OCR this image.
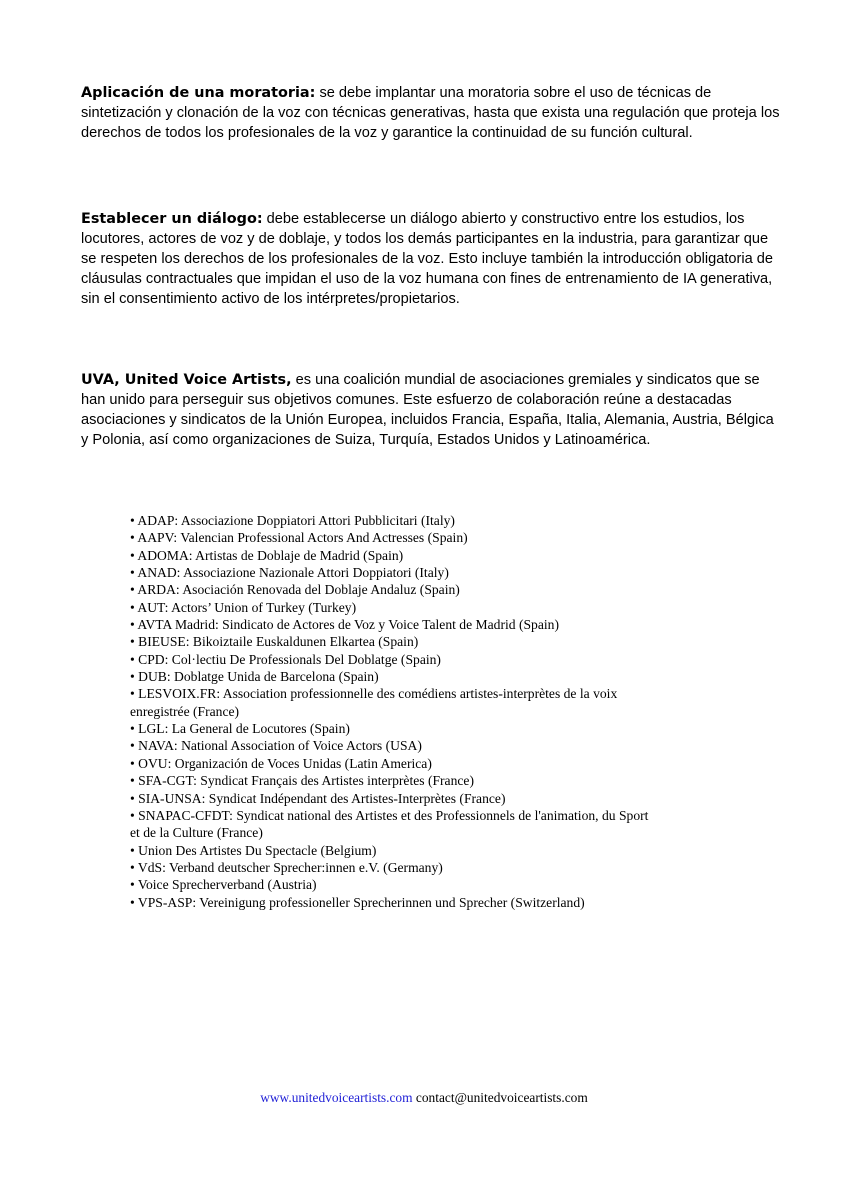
Aplicación de una moratoria: se debe implantar una moratoria sobre el uso de técnicas de sintetización y clonación de la voz con técnicas generativas, hasta que exista una regulación que proteja los derechos de todos los profesionales de la voz y garantice la continuidad de su función cultural.

Establecer un diálogo: debe establecerse un diálogo abierto y constructivo entre los estudios, los locutores, actores de voz y de doblaje, y todos los demás participantes en la industria, para garantizar que se respeten los derechos de los profesionales de la voz. Esto incluye también la introducción obligatoria de cláusulas contractuales que impidan el uso de la voz humana con fines de entrenamiento de IA generativa, sin el consentimiento activo de los intérpretes/propietarios.

UVA, United Voice Artists, es una coalición mundial de asociaciones gremiales y sindicatos que se han unido para perseguir sus objetivos comunes. Este esfuerzo de colaboración reúne a destacadas asociaciones y sindicatos de la Unión Europea, incluidos Francia, España, Italia, Alemania, Austria, Bélgica y Polonia, así como organizaciones de Suiza, Turquía, Estados Unidos y Latinoamérica.

• ADAP: Associazione Doppiatori Attori Pubblicitari (Italy)
• AAPV: Valencian Professional Actors And Actresses (Spain)
• ADOMA: Artistas de Doblaje de Madrid (Spain)
• ANAD: Associazione Nazionale Attori Doppiatori (Italy)
• ARDA: Asociación Renovada del Doblaje Andaluz (Spain)
• AUT: Actors’ Union of Turkey (Turkey)
• AVTA Madrid: Sindicato de Actores de Voz y Voice Talent de Madrid (Spain)
• BIEUSE: Bikoiztaile Euskaldunen Elkartea (Spain)
• CPD: Col·lectiu De Professionals Del Doblatge (Spain)
• DUB: Doblatge Unida de Barcelona (Spain)
• LESVOIX.FR: Association professionnelle des comédiens artistes-interprètes de la voix enregistrée (France)
• LGL: La General de Locutores (Spain)
• NAVA: National Association of Voice Actors (USA)
• OVU: Organización de Voces Unidas (Latin America)
• SFA-CGT: Syndicat Français des Artistes interprètes (France)
• SIA-UNSA: Syndicat Indépendant des Artistes-Interprètes (France)
• SNAPAC-CFDT: Syndicat national des Artistes et des Professionnels de l'animation, du Sport et de la Culture (France)
• Union Des Artistes Du Spectacle (Belgium)
• VdS: Verband deutscher Sprecher:innen e.V. (Germany)
• Voice Sprecherverband (Austria)
• VPS-ASP: Vereinigung professioneller Sprecherinnen und Sprecher (Switzerland)
www.unitedvoiceartists.com contact@unitedvoiceartists.com
